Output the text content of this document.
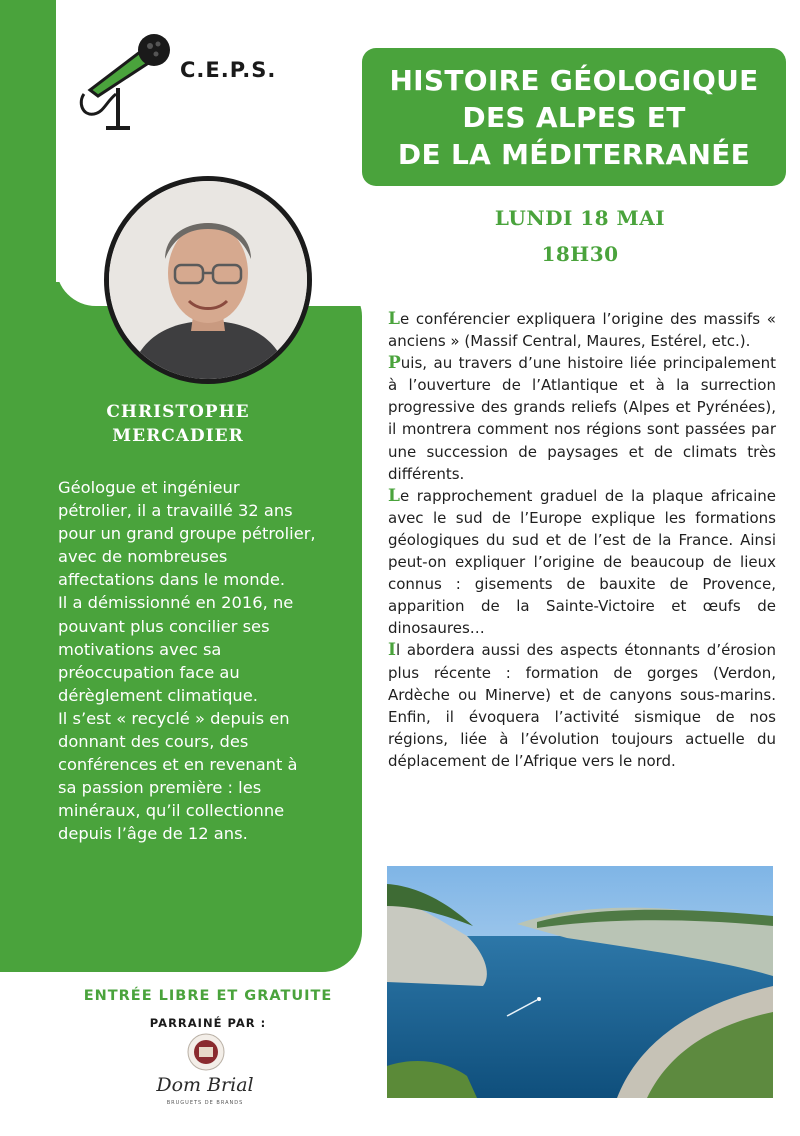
C.E.P.S.	HISTOIRE GÉOLOGIQUE
DES ALPES ET
DE LA MÉDITERRANÉE
LUNDI 18 MAI
18H30
CHRISTOPHE
MERCADIER
Géologue et ingénieur
pétrolier, il a travaillé 32 ans
pour un grand groupe pétrolier,
avec de nombreuses
affectations dans le monde.
Il a démissionné en 2016, ne
pouvant plus concilier ses
motivations avec sa
préoccupation face au
dérèglement climatique.
Il s’est « recyclé » depuis en
donnant des cours, des
conférences et en revenant à
sa passion première : les
minéraux, qu’il collectionne
depuis l’âge de 12 ans.

Le conférencier expliquera l’origine des massifs « anciens » (Massif Central, Maures, Estérel, etc.).

Puis, au travers d’une histoire liée principalement à l’ouverture de l’Atlantique et à la surrection progressive des grands reliefs (Alpes et Pyrénées), il montrera comment nos régions sont passées par une succession de paysages et de climats très différents.

Le rapprochement graduel de la plaque africaine avec le sud de l’Europe explique les formations géologiques du sud et de l’est de la France. Ainsi peut-on expliquer l’origine de beaucoup de lieux connus : gisements de bauxite de Provence, apparition de la Sainte-Victoire et œufs de dinosaures…

Il abordera aussi des aspects étonnants d’érosion plus récente : formation de gorges (Verdon, Ardèche ou Minerve) et de canyons sous-marins. Enfin, il évoquera l’activité sismique de nos régions, liée à l’évolution toujours actuelle du déplacement de l’Afrique vers le nord.

ENTRÉE LIBRE ET GRATUITE
PARRAINÉ PAR :
Dom Brial
BRUGUETS DE BRANDS
